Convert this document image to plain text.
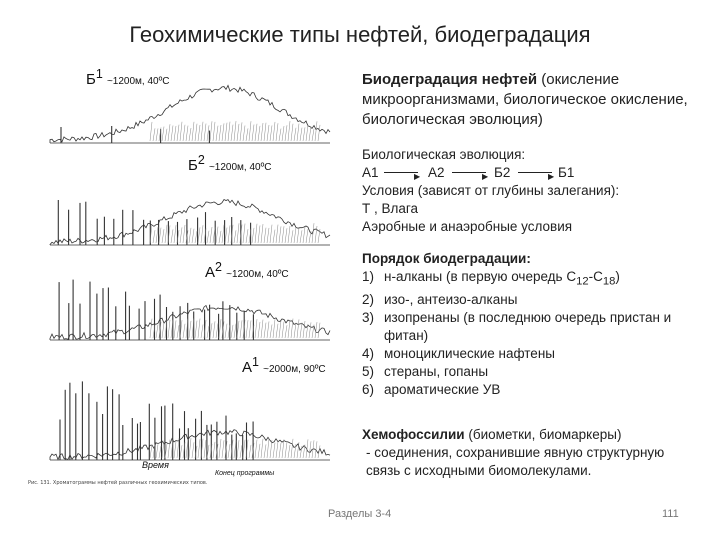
Геохимические типы нефтей, биодеградация
$Б^1$ ~1200м, 40ºС
$Б^2$ ~1200м, 40ºС
$А^2$ ~1200м, 40ºС
$А^1$ ~2000м, 90ºС
Время
Конец программы
Рис. 131. Хроматограммы нефтей различных геохимических типов.
Биодеградация нефтей (окисление микроорганизмами, биологическое окисление, биологическая эволюция)
Биологическая эволюция:
А1	▶ А2	▶ Б2	▶ Б1
Условия (зависят от глубины залегания):
Т , Влага
Аэробные и анаэробные условия
Порядок биодеградации:
1) н-алканы (в первую очередь $С_{12}-С_{18}$)
2) изо-, антеизо-алканы
3) изопренаны (в последнюю очередь пристан и фитан)
4) моноциклические нафтены
5) стераны, гопаны
6) ароматические УВ
Хемофоссилии (биометки, биомаркеры)
- соединения, сохранившие явную структурную связь с исходными биомолекулами.
Разделы 3-4	111
